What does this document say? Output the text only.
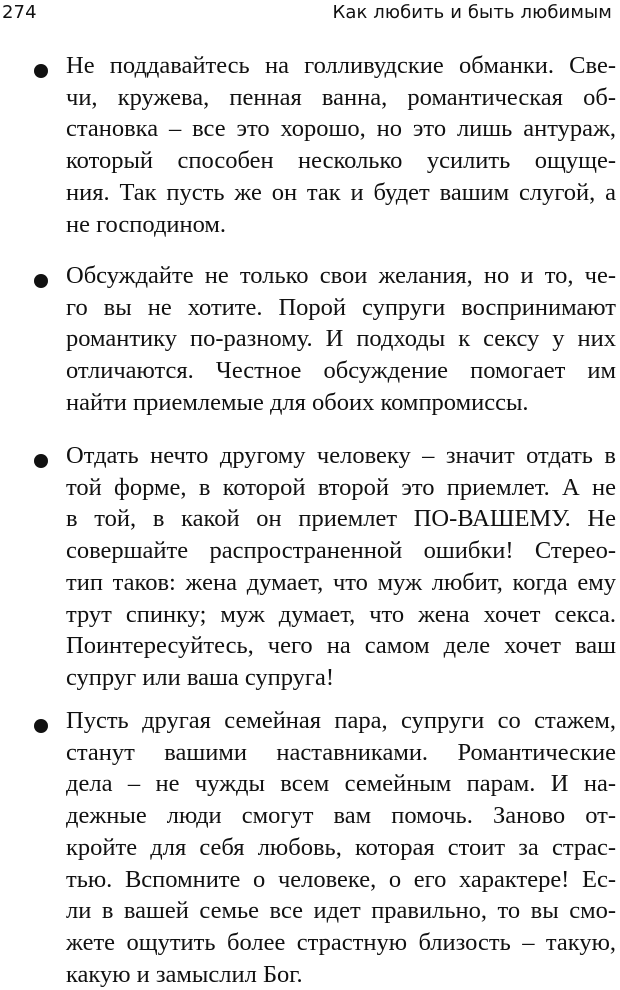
274	Как любить и быть любимым
Не поддавайтесь на голливудские обманки. Све-
чи, кружева, пенная ванна, романтическая об-
становка – все это хорошо, но это лишь антураж,
который способен несколько усилить ощуще-
ния. Так пусть же он так и будет вашим слугой, а
не господином.
Обсуждайте не только свои желания, но и то, че-
го вы не хотите. Порой супруги воспринимают
романтику по-разному. И подходы к сексу у них
отличаются. Честное обсуждение помогает им
найти приемлемые для обоих компромиссы.
Отдать нечто другому человеку – значит отдать в
той форме, в которой второй это приемлет. А не
в той, в какой он приемлет ПО-ВАШЕМУ. Не
совершайте распространенной ошибки! Стерео-
тип таков: жена думает, что муж любит, когда ему
трут спинку; муж думает, что жена хочет секса.
Поинтересуйтесь, чего на самом деле хочет ваш
супруг или ваша супруга!
Пусть другая семейная пара, супруги со стажем,
станут вашими наставниками. Романтические
дела – не чужды всем семейным парам. И на-
дежные люди смогут вам помочь. Заново от-
кройте для себя любовь, которая стоит за страс-
тью. Вспомните о человеке, о его характере! Ес-
ли в вашей семье все идет правильно, то вы смо-
жете ощутить более страстную близость – такую,
какую и замыслил Бог.
